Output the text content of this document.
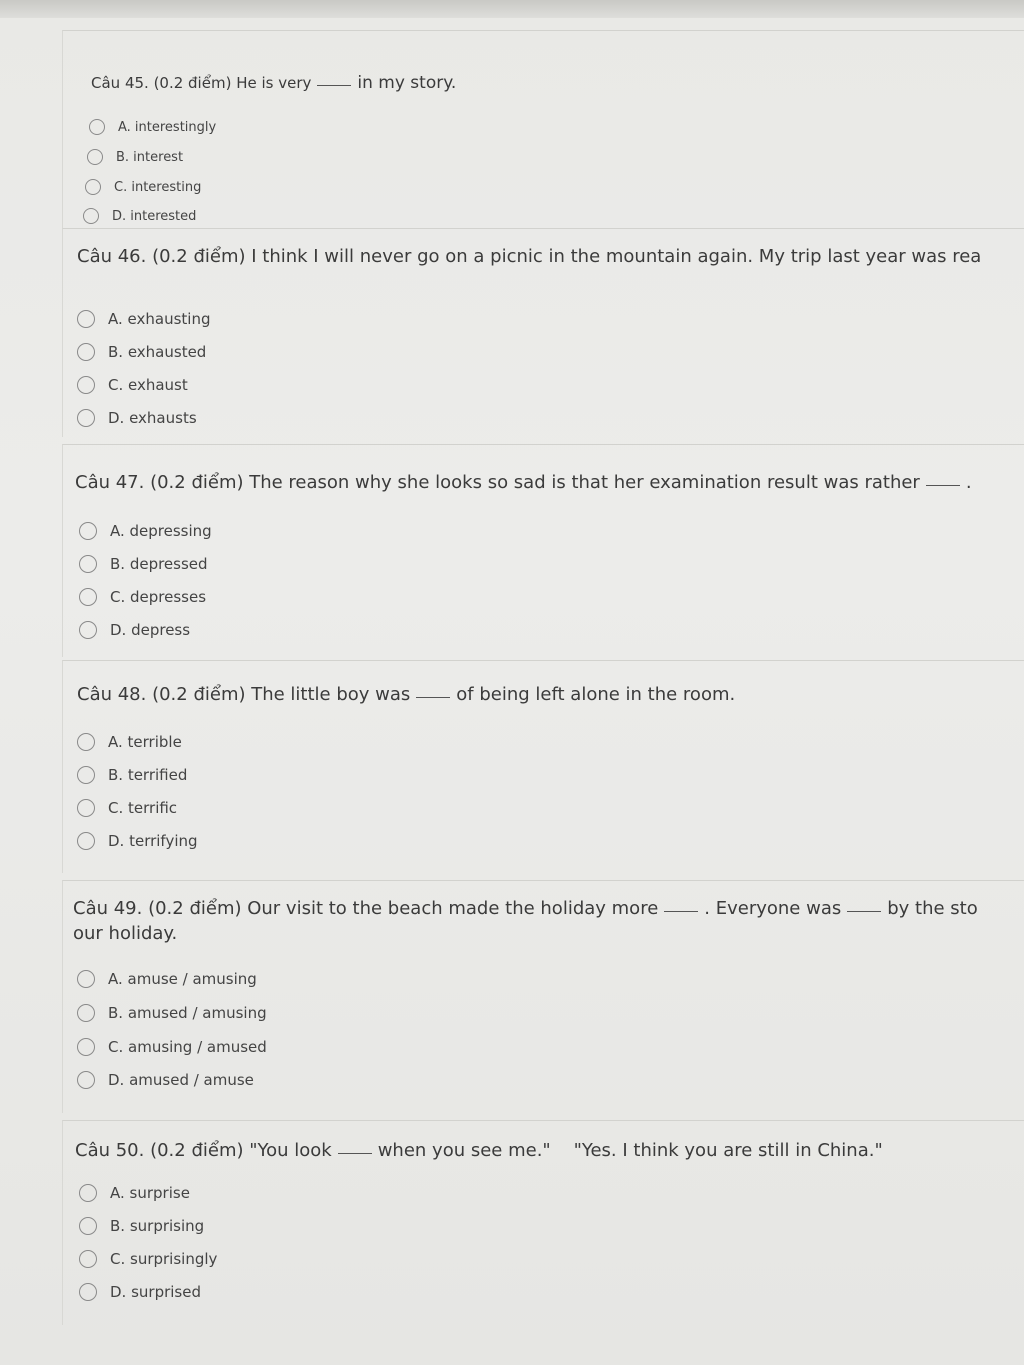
Câu 45. (0.2 điểm) He is very	in my story.
A. interestingly
B. interest
C. interesting
D. interested
Câu 46. (0.2 điểm) I think I will never go on a picnic in the mountain again. My trip last year was rea
A. exhausting
B. exhausted
C. exhaust
D. exhausts
Câu 47. (0.2 điểm) The reason why she looks so sad is that her examination result was rather	.
A. depressing
B. depressed
C. depresses
D. depress
Câu 48. (0.2 điểm) The little boy was	of being left alone in the room.
A. terrible
B. terrified
C. terrific
D. terrifying
Câu 49. (0.2 điểm) Our visit to the beach made the holiday more	. Everyone was	by the sto
our holiday.
A. amuse / amusing
B. amused / amusing
C. amusing / amused
D. amused / amuse
Câu 50. (0.2 điểm) "You look	when you see me."    "Yes. I think you are still in China."
A. surprise
B. surprising
C. surprisingly
D. surprised
